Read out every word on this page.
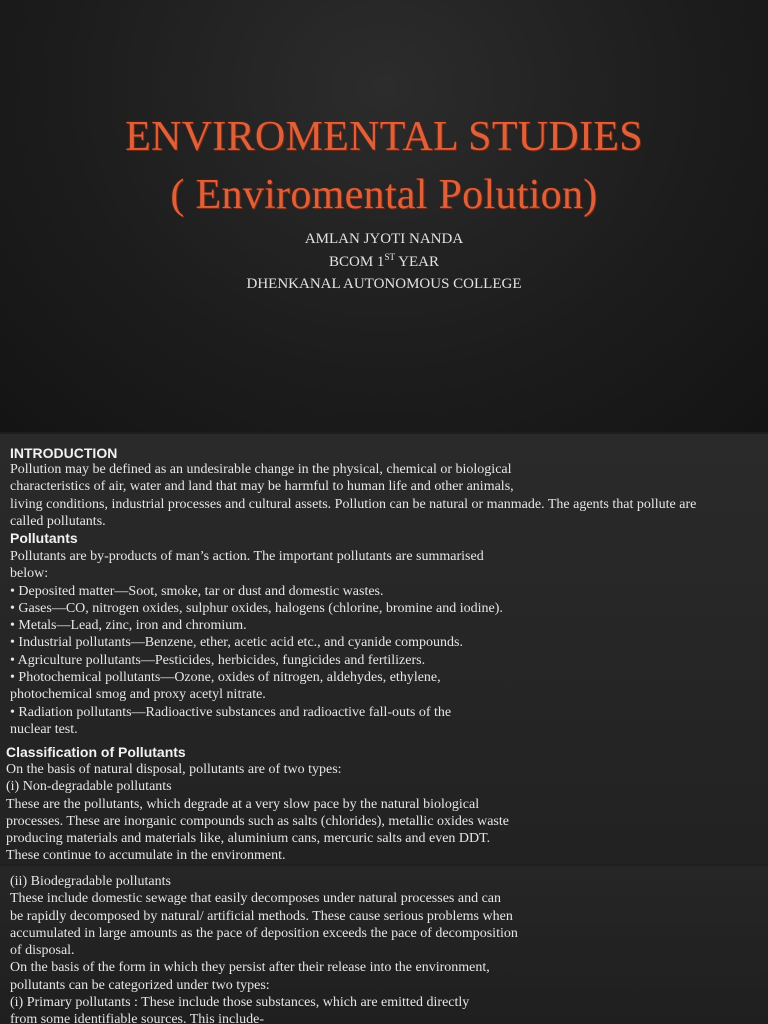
ENVIROMENTAL STUDIES
( Enviromental Polution)
AMLAN JYOTI NANDA
BCOM 1ST YEAR
DHENKANAL AUTONOMOUS COLLEGE
INTRODUCTION
Pollution may be defined as an undesirable change in the physical, chemical or biological
characteristics of air, water and land that may be harmful to human life and other animals,
living conditions, industrial processes and cultural assets. Pollution can be natural or manmade. The agents that pollute are
called pollutants.
Pollutants
Pollutants are by-products of man’s action. The important pollutants are summarised
below:
• Deposited matter—Soot, smoke, tar or dust and domestic wastes.
• Gases—CO, nitrogen oxides, sulphur oxides, halogens (chlorine, bromine and iodine).
• Metals—Lead, zinc, iron and chromium.
• Industrial pollutants—Benzene, ether, acetic acid etc., and cyanide compounds.
• Agriculture pollutants—Pesticides, herbicides, fungicides and fertilizers.
• Photochemical pollutants—Ozone, oxides of nitrogen, aldehydes, ethylene,
photochemical smog and proxy acetyl nitrate.
• Radiation pollutants—Radioactive substances and radioactive fall-outs of the
nuclear test.
Classification of Pollutants
On the basis of natural disposal, pollutants are of two types:
(i) Non-degradable pollutants
These are the pollutants, which degrade at a very slow pace by the natural biological
processes. These are inorganic compounds such as salts (chlorides), metallic oxides waste
producing materials and materials like, aluminium cans, mercuric salts and even DDT.
These continue to accumulate in the environment.
(ii) Biodegradable pollutants
These include domestic sewage that easily decomposes under natural processes and can
be rapidly decomposed by natural/ artificial methods. These cause serious problems when
accumulated in large amounts as the pace of deposition exceeds the pace of decomposition
of disposal.
On the basis of the form in which they persist after their release into the environment,
pollutants can be categorized under two types:
(i) Primary pollutants : These include those substances, which are emitted directly
from some identifiable sources. This include-
